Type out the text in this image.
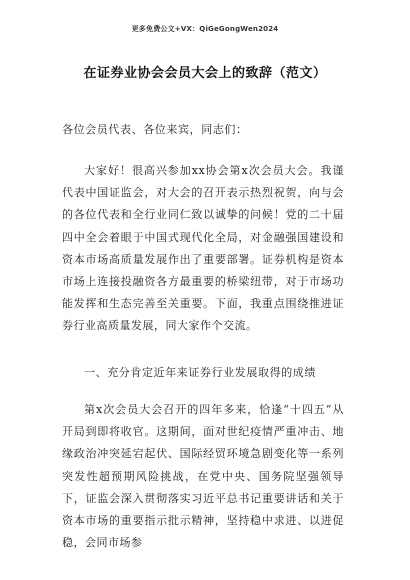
更多免费公文+VX：QiGeGongWen2024
在证券业协会会员大会上的致辞（范文）
各位会员代表、各位来宾，同志们：

大家好！很高兴参加xx协会第x次会员大会。我谨代表中国证监会，对大会的召开表示热烈祝贺，向与会的各位代表和全行业同仁致以诚挚的问候！党的二十届四中全会着眼于中国式现代化全局，对金融强国建设和资本市场高质量发展作出了重要部署。证券机构是资本市场上连接投融资各方最重要的桥梁纽带，对于市场功能发挥和生态完善至关重要。下面，我重点围绕推进证券行业高质量发展，同大家作个交流。

一、充分肯定近年来证券行业发展取得的成绩

第x次会员大会召开的四年多来，恰逢“十四五”从开局到即将收官。这期间，面对世纪疫情严重冲击、地缘政治冲突延宕起伏、国际经贸环境急剧变化等一系列突发性超预期风险挑战，在党中央、国务院坚强领导下，证监会深入贯彻落实习近平总书记重要讲话和关于资本市场的重要指示批示精神，坚持稳中求进、以进促稳，会同市场参
